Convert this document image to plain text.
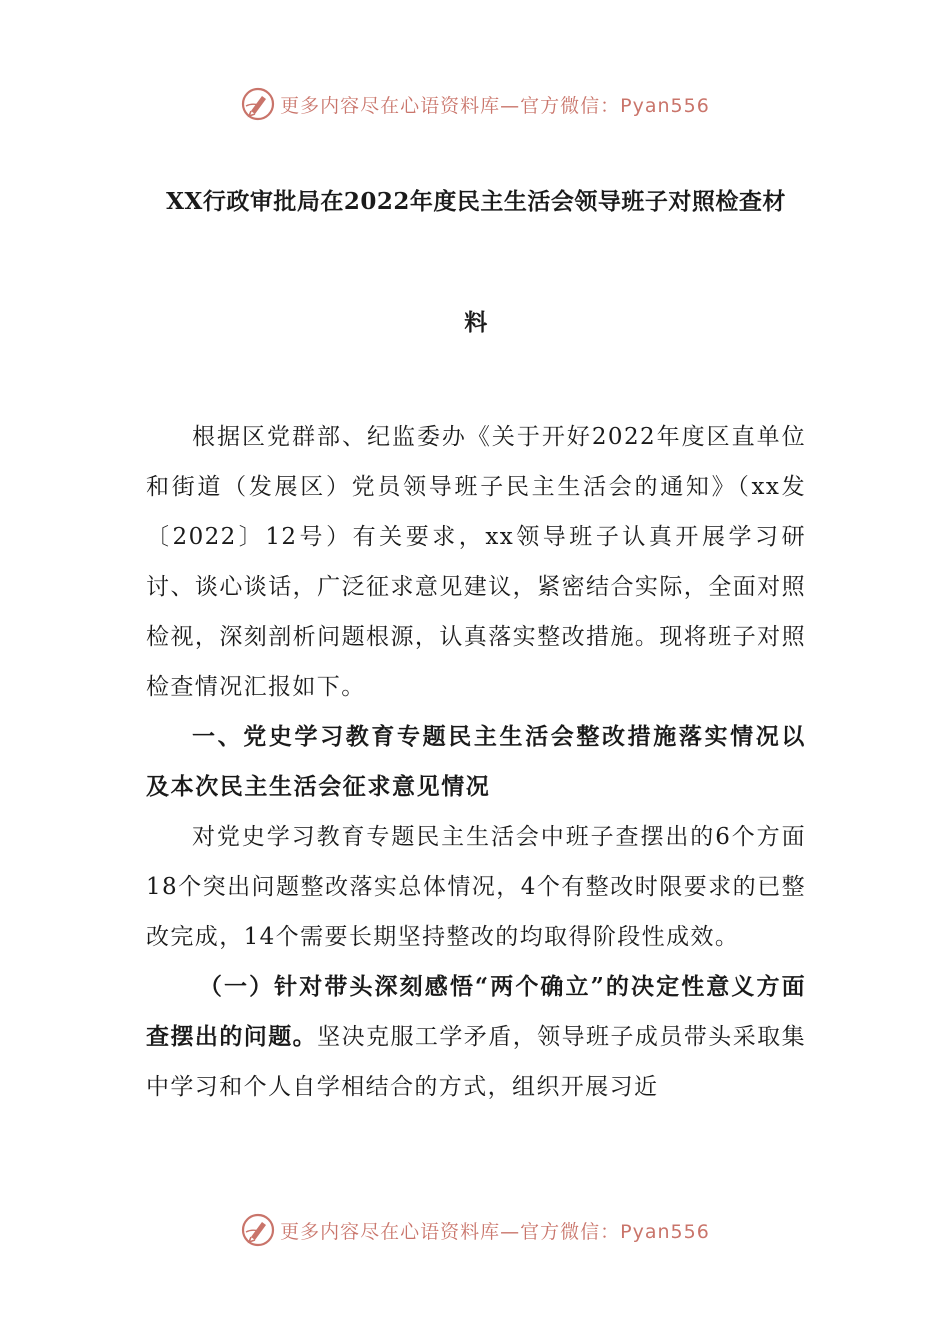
更多内容尽在心语资料库—官方微信：Pyan556
XX行政审批局在2022年度民主生活会领导班子对照检查材
料

根据区党群部、纪监委办《关于开好2022年度区直单位和街道（发展区）党员领导班子民主生活会的通知》（xx发〔2022〕12号）有关要求，xx领导班子认真开展学习研讨、谈心谈话，广泛征求意见建议，紧密结合实际，全面对照检视，深刻剖析问题根源，认真落实整改措施。现将班子对照检查情况汇报如下。

一、党史学习教育专题民主生活会整改措施落实情况以及本次民主生活会征求意见情况

对党史学习教育专题民主生活会中班子查摆出的6个方面18个突出问题整改落实总体情况，4个有整改时限要求的已整改完成，14个需要长期坚持整改的均取得阶段性成效。

（一）针对带头深刻感悟“两个确立”的决定性意义方面查摆出的问题。坚决克服工学矛盾，领导班子成员带头采取集中学习和个人自学相结合的方式，组织开展习近

更多内容尽在心语资料库—官方微信：Pyan556
